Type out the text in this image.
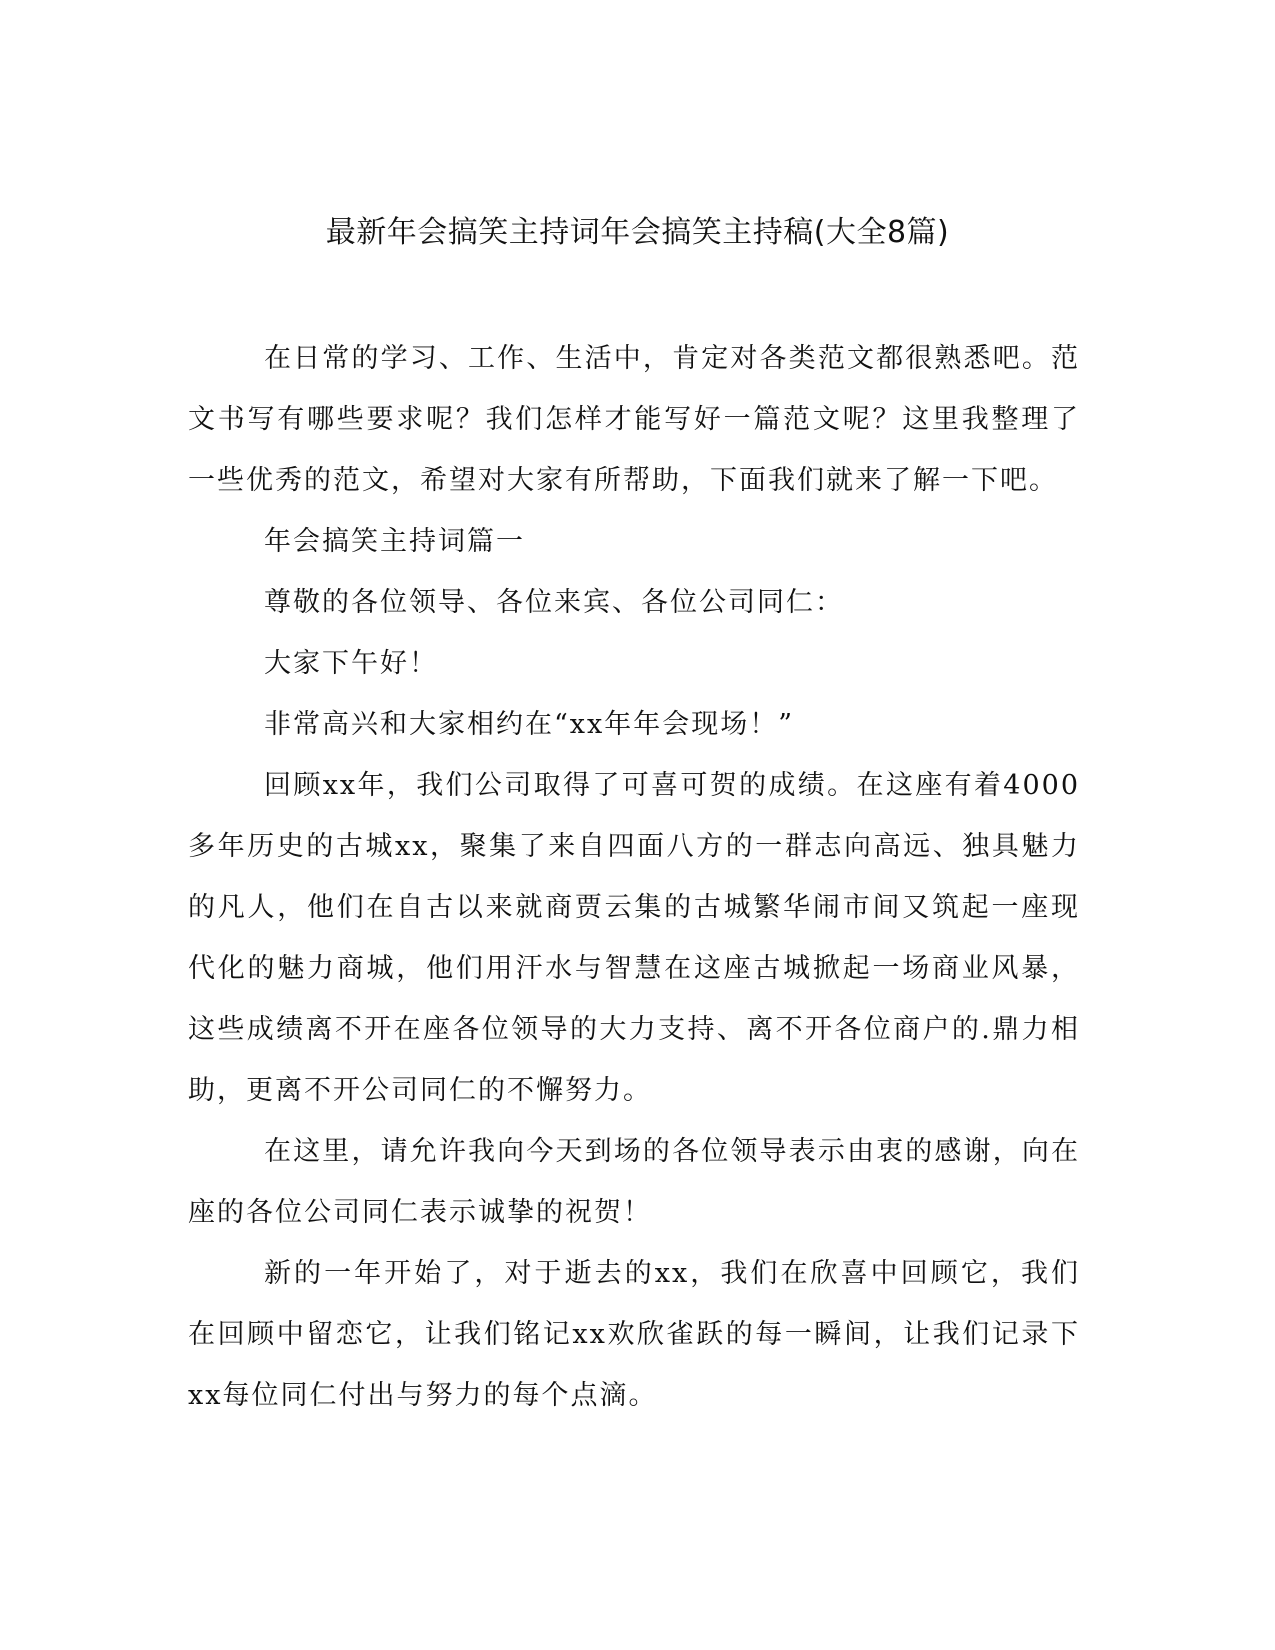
最新年会搞笑主持词年会搞笑主持稿(大全8篇)

在日常的学习、工作、生活中，肯定对各类范文都很熟悉吧。范文书写有哪些要求呢？我们怎样才能写好一篇范文呢？这里我整理了一些优秀的范文，希望对大家有所帮助，下面我们就来了解一下吧。

年会搞笑主持词篇一

尊敬的各位领导、各位来宾、各位公司同仁：

大家下午好！

非常高兴和大家相约在“xx年年会现场！”

回顾xx年，我们公司取得了可喜可贺的成绩。在这座有着4000多年历史的古城xx，聚集了来自四面八方的一群志向高远、独具魅力的凡人，他们在自古以来就商贾云集的古城繁华闹市间又筑起一座现代化的魅力商城，他们用汗水与智慧在这座古城掀起一场商业风暴，这些成绩离不开在座各位领导的大力支持、离不开各位商户的.鼎力相助，更离不开公司同仁的不懈努力。

在这里，请允许我向今天到场的各位领导表示由衷的感谢，向在座的各位公司同仁表示诚挚的祝贺！

新的一年开始了，对于逝去的xx，我们在欣喜中回顾它，我们在回顾中留恋它，让我们铭记xx欢欣雀跃的每一瞬间，让我们记录下xx每位同仁付出与努力的每个点滴。
